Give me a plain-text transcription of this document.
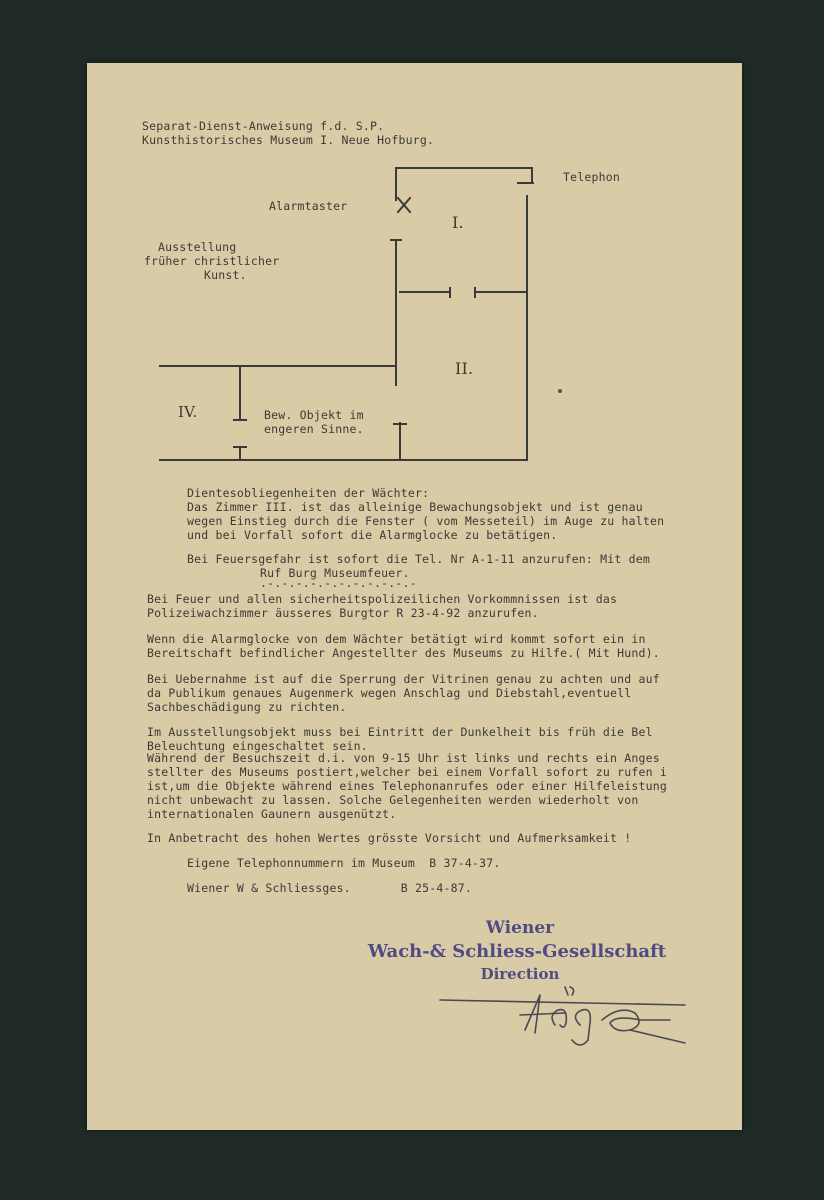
Separat-Dienst-Anweisung f.d. S.P.
Kunsthistorisches Museum I. Neue Hofburg.
Telephon
Alarmtaster
Ausstellung
früher christlicher
Kunst.
I.
II.
IV.	Bew. Objekt im
engeren Sinne.
Dientesobliegenheiten der Wächter:
Das Zimmer III. ist das alleinige Bewachungsobjekt und ist genau
wegen Einstieg durch die Fenster ( vom Messeteil) im Auge zu halten
und bei Vorfall sofort die Alarmglocke zu betätigen.
Bei Feuersgefahr ist sofort die Tel. Nr A-1-11 anzurufen: Mit dem
Ruf Burg Museumfeuer.
.-.-.-.-.-.-.-.-.-.-.-
Bei Feuer und allen sicherheitspolizeilichen Vorkommnissen ist das
Polizeiwachzimmer äusseres Burgtor R 23-4-92 anzurufen.
Wenn die Alarmglocke von dem Wächter betätigt wird kommt sofort ein in
Bereitschaft befindlicher Angestellter des Museums zu Hilfe.( Mit Hund).
Bei Uebernahme ist auf die Sperrung der Vitrinen genau zu achten und auf
da Publikum genaues Augenmerk wegen Anschlag und Diebstahl,eventuell
Sachbeschädigung zu richten.
Im Ausstellungsobjekt muss bei Eintritt der Dunkelheit bis früh die Bel
Beleuchtung eingeschaltet sein.
Während der Besuchszeit d.i. von 9-15 Uhr ist links und rechts ein Anges
stellter des Museums postiert,welcher bei einem Vorfall sofort zu rufen i
ist,um die Objekte während eines Telephonanrufes oder einer Hilfeleistung
nicht unbewacht zu lassen. Solche Gelegenheiten werden wiederholt von
internationalen Gaunern ausgenützt.
In Anbetracht des hohen Wertes grösste Vorsicht und Aufmerksamkeit !
Eigene Telephonnummern im Museum  B 37-4-37.
Wiener W & Schliessges.       B 25-4-87.
Wiener
Wach-& Schliess-Gesellschaft
Direction
